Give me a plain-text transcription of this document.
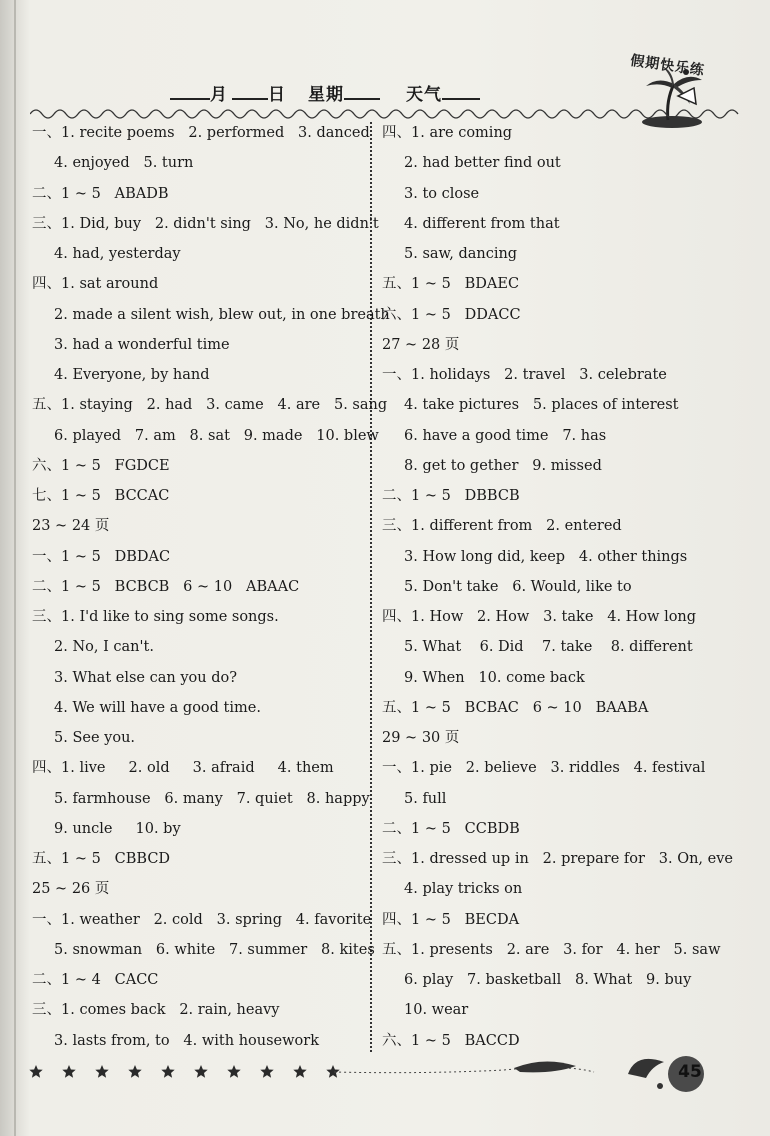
月 日 星期	天气
假期快乐练
一、1. recite poems   2. performed   3. danced
4. enjoyed   5. turn
二、1 ~ 5   ABADB
三、1. Did, buy   2. didn't sing   3. No, he didn't
4. had, yesterday
四、1. sat around
2. made a silent wish, blew out, in one breath
3. had a wonderful time
4. Everyone, by hand
五、1. staying   2. had   3. came   4. are   5. sang
6. played   7. am   8. sat   9. made   10. blew
六、1 ~ 5   FGDCE
七、1 ~ 5   BCCAC
23 ~ 24 页
一、1 ~ 5   DBDAC
二、1 ~ 5   BCBCB   6 ~ 10   ABAAC
三、1. I'd like to sing some songs.
2. No, I can't.
3. What else can you do?
4. We will have a good time.
5. See you.
四、1. live     2. old     3. afraid     4. them
5. farmhouse   6. many   7. quiet   8. happy
9. uncle     10. by
五、1 ~ 5   CBBCD
25 ~ 26 页
一、1. weather   2. cold   3. spring   4. favorite
5. snowman   6. white   7. summer   8. kites
二、1 ~ 4   CACC
三、1. comes back   2. rain, heavy
3. lasts from, to   4. with housework
四、1. are coming
2. had better find out
3. to close
4. different from that
5. saw, dancing
五、1 ~ 5   BDAEC
六、1 ~ 5   DDACC
27 ~ 28 页
一、1. holidays   2. travel   3. celebrate
4. take pictures   5. places of interest
6. have a good time   7. has
8. get to gether   9. missed
二、1 ~ 5   DBBCB
三、1. different from   2. entered
3. How long did, keep   4. other things
5. Don't take   6. Would, like to
四、1. How   2. How   3. take   4. How long
5. What    6. Did    7. take    8. different
9. When   10. come back
五、1 ~ 5   BCBAC   6 ~ 10   BAABA
29 ~ 30 页
一、1. pie   2. believe   3. riddles   4. festival
5. full
二、1 ~ 5   CCBDB
三、1. dressed up in   2. prepare for   3. On, eve
4. play tricks on
四、1 ~ 5   BECDA
五、1. presents   2. are   3. for   4. her   5. saw
6. play   7. basketball   8. What   9. buy
10. wear
六、1 ~ 5   BACCD
45
